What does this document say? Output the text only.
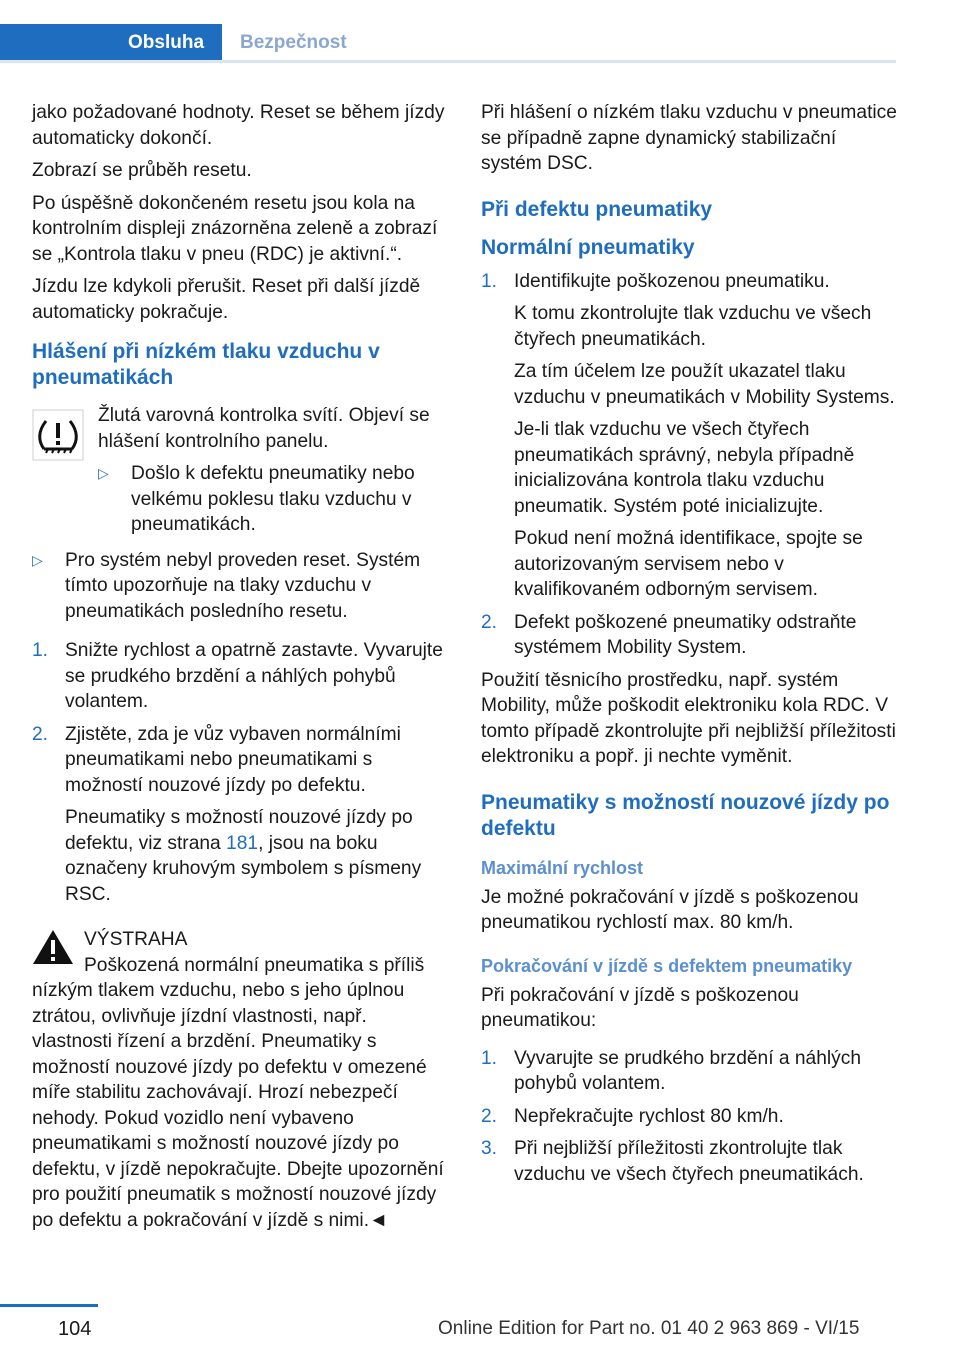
Obsluha	Bezpečnost

jako požadované hodnoty. Reset se během jízdy automaticky dokončí.

Zobrazí se průběh resetu.

Po úspěšně dokončeném resetu jsou kola na kontrolním displeji znázorněna zeleně a zobrazí se „Kontrola tlaku v pneu (RDC) je aktivní.“.

Jízdu lze kdykoli přerušit. Reset při další jízdě automaticky pokračuje.

Hlášení při nízkém tlaku vzduchu v pneumatikách

Žlutá varovná kontrolka svítí. Objeví se hlášení kontrolního panelu.

▷ Došlo k defektu pneumatiky nebo velkému poklesu tlaku vzduchu v pneumatikách.
▷ Pro systém nebyl proveden reset. Systém tímto upozorňuje na tlaky vzduchu v pneumatikách posledního resetu.
1. Snižte rychlost a opatrně zastavte. Vyvarujte se prudkého brzdění a náhlých pohybů volantem.

2. Zjistěte, zda je vůz vybaven normálními pneumatikami nebo pneumatikami s možností nouzové jízdy po defektu.

Pneumatiky s možností nouzové jízdy po defektu, viz strana 181, jsou na boku označeny kruhovým symbolem s písmeny RSC.

VÝSTRAHA
Poškozená normální pneumatika s příliš
nízkým tlakem vzduchu, nebo s jeho úplnou ztrátou, ovlivňuje jízdní vlastnosti, např. vlastnosti řízení a brzdění. Pneumatiky s možností nouzové jízdy po defektu v omezené míře stabilitu zachovávají. Hrozí nebezpečí nehody. Pokud vozidlo není vybaveno pneumatikami s možností nouzové jízdy po defektu, v jízdě nepokračujte. Dbejte upozornění pro použití pneumatik s možností nouzové jízdy po defektu a pokračování v jízdě s nimi.◄

Při hlášení o nízkém tlaku vzduchu v pneumatice se případně zapne dynamický stabilizační systém DSC.

Při defektu pneumatiky
Normální pneumatiky
1. Identifikujte poškozenou pneumatiku.

K tomu zkontrolujte tlak vzduchu ve všech čtyřech pneumatikách.

Za tím účelem lze použít ukazatel tlaku vzduchu v pneumatikách v Mobility Systems.

Je-li tlak vzduchu ve všech čtyřech pneumatikách správný, nebyla případně inicializována kontrola tlaku vzduchu pneumatik. Systém poté inicializujte.

Pokud není možná identifikace, spojte se autorizovaným servisem nebo v kvalifikovaném odborným servisem.

2. Defekt poškozené pneumatiky odstraňte systémem Mobility System.

Použití těsnicího prostředku, např. systém Mobility, může poškodit elektroniku kola RDC. V tomto případě zkontrolujte při nejbližší příležitosti elektroniku a popř. ji nechte vyměnit.

Pneumatiky s možností nouzové jízdy po defektu
Maximální rychlost

Je možné pokračování v jízdě s poškozenou pneumatikou rychlostí max. 80 km/h.

Pokračování v jízdě s defektem pneumatiky

Při pokračování v jízdě s poškozenou pneumatikou:

1. Vyvarujte se prudkého brzdění a náhlých pohybů volantem.

2. Nepřekračujte rychlost 80 km/h.

3. Při nejbližší příležitosti zkontrolujte tlak vzduchu ve všech čtyřech pneumatikách.

104	Online Edition for Part no. 01 40 2 963 869 - VI/15
